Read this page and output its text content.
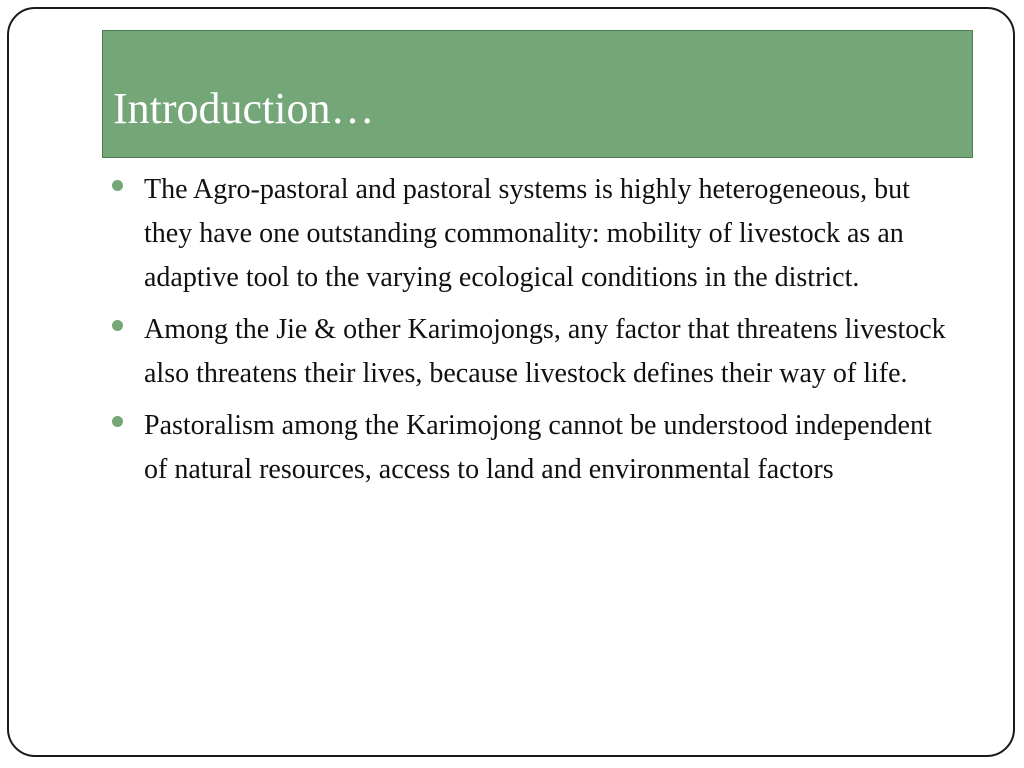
Introduction…
The Agro-pastoral and pastoral systems is highly heterogeneous, but they have one outstanding commonality: mobility of livestock as an adaptive tool to the varying ecological conditions in the district.
Among the Jie & other Karimojongs, any factor that threatens livestock also threatens their lives, because livestock defines their way of life.
Pastoralism among the Karimojong cannot be understood independent of natural resources, access to land and environmental factors
